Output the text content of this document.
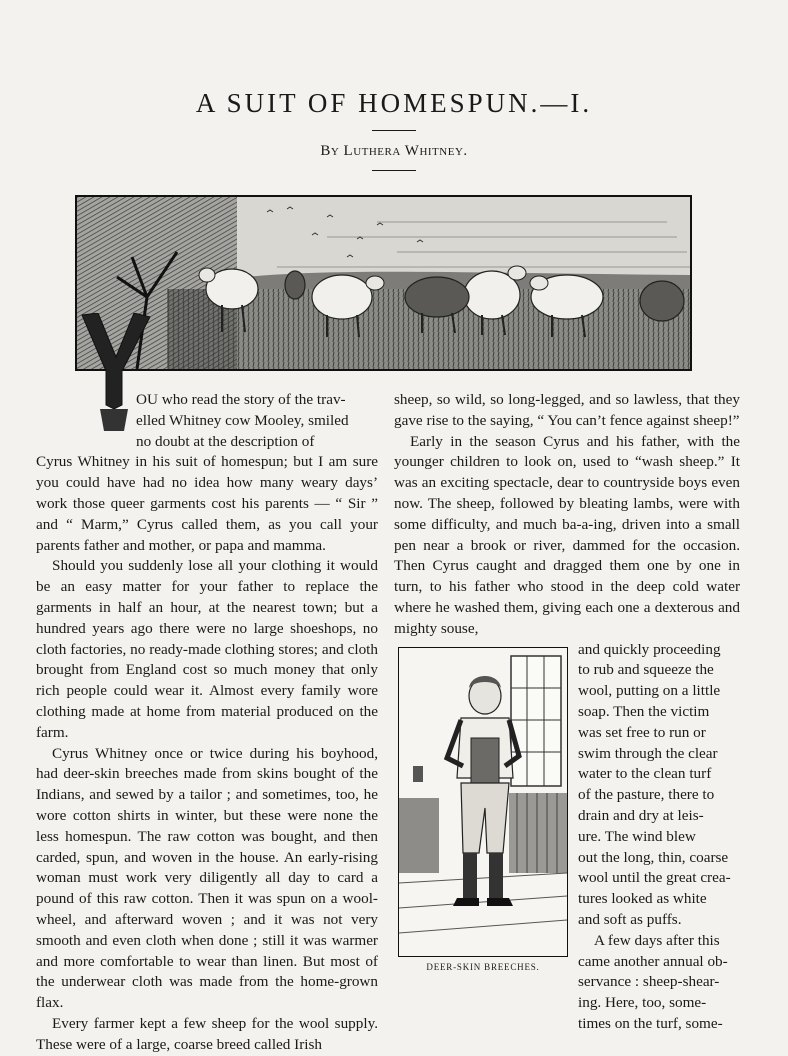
A SUIT OF HOMESPUN.—I.
By Luthera Whitney.

OU who read the story of the trav-

elled Whitney cow Mooley, smiled

no doubt at the description of

Cyrus Whitney in his suit of homespun; but I am sure you could have had no idea how many weary days’ work those queer garments cost his parents — “ Sir ” and “ Marm,” Cyrus called them, as you call your parents father and mother, or papa and mamma.

Should you suddenly lose all your clothing it would be an easy matter for your father to replace the garments in half an hour, at the nearest town; but a hundred years ago there were no large shoeshops, no cloth factories, no ready-made clothing stores; and cloth brought from England cost so much money that only rich people could wear it. Almost every family wore clothing made at home from material produced on the farm.

Cyrus Whitney once or twice during his boyhood, had deer-skin breeches made from skins bought of the Indians, and sewed by a tailor ; and sometimes, too, he wore cotton shirts in winter, but these were none the less homespun. The raw cotton was bought, and then carded, spun, and woven in the house. An early-rising woman must work very diligently all day to card a pound of this raw cotton. Then it was spun on a wool-wheel, and afterward woven ; and it was not very smooth and even cloth when done ; still it was warmer and more comfortable to wear than linen. But most of the underwear cloth was made from the home-grown flax.

Every farmer kept a few sheep for the wool supply. These were of a large, coarse breed called Irish

sheep, so wild, so long-legged, and so lawless, that they gave rise to the saying, “ You can’t fence against sheep!”

Early in the season Cyrus and his father, with the younger children to look on, used to “wash sheep.” It was an exciting spectacle, dear to countryside boys even now. The sheep, followed by bleating lambs, were with some difficulty, and much ba-a-ing, driven into a small pen near a brook or river, dammed for the occasion. Then Cyrus caught and dragged them one by one in turn, to his father who stood in the deep cold water where he washed them, giving each one a dexterous and mighty souse,

and quickly proceeding

to rub and squeeze the

wool, putting on a little

soap. Then the victim

was set free to run or

swim through the clear

water to the clean turf

of the pasture, there to

drain and dry at leis-

ure. The wind blew

out the long, thin, coarse

wool until the great crea-

tures looked as white

and soft as puffs.

A few days after this

came another annual ob-

servance : sheep-shear-

ing. Here, too, some-

times on the turf, some-

DEER-SKIN BREECHES.
